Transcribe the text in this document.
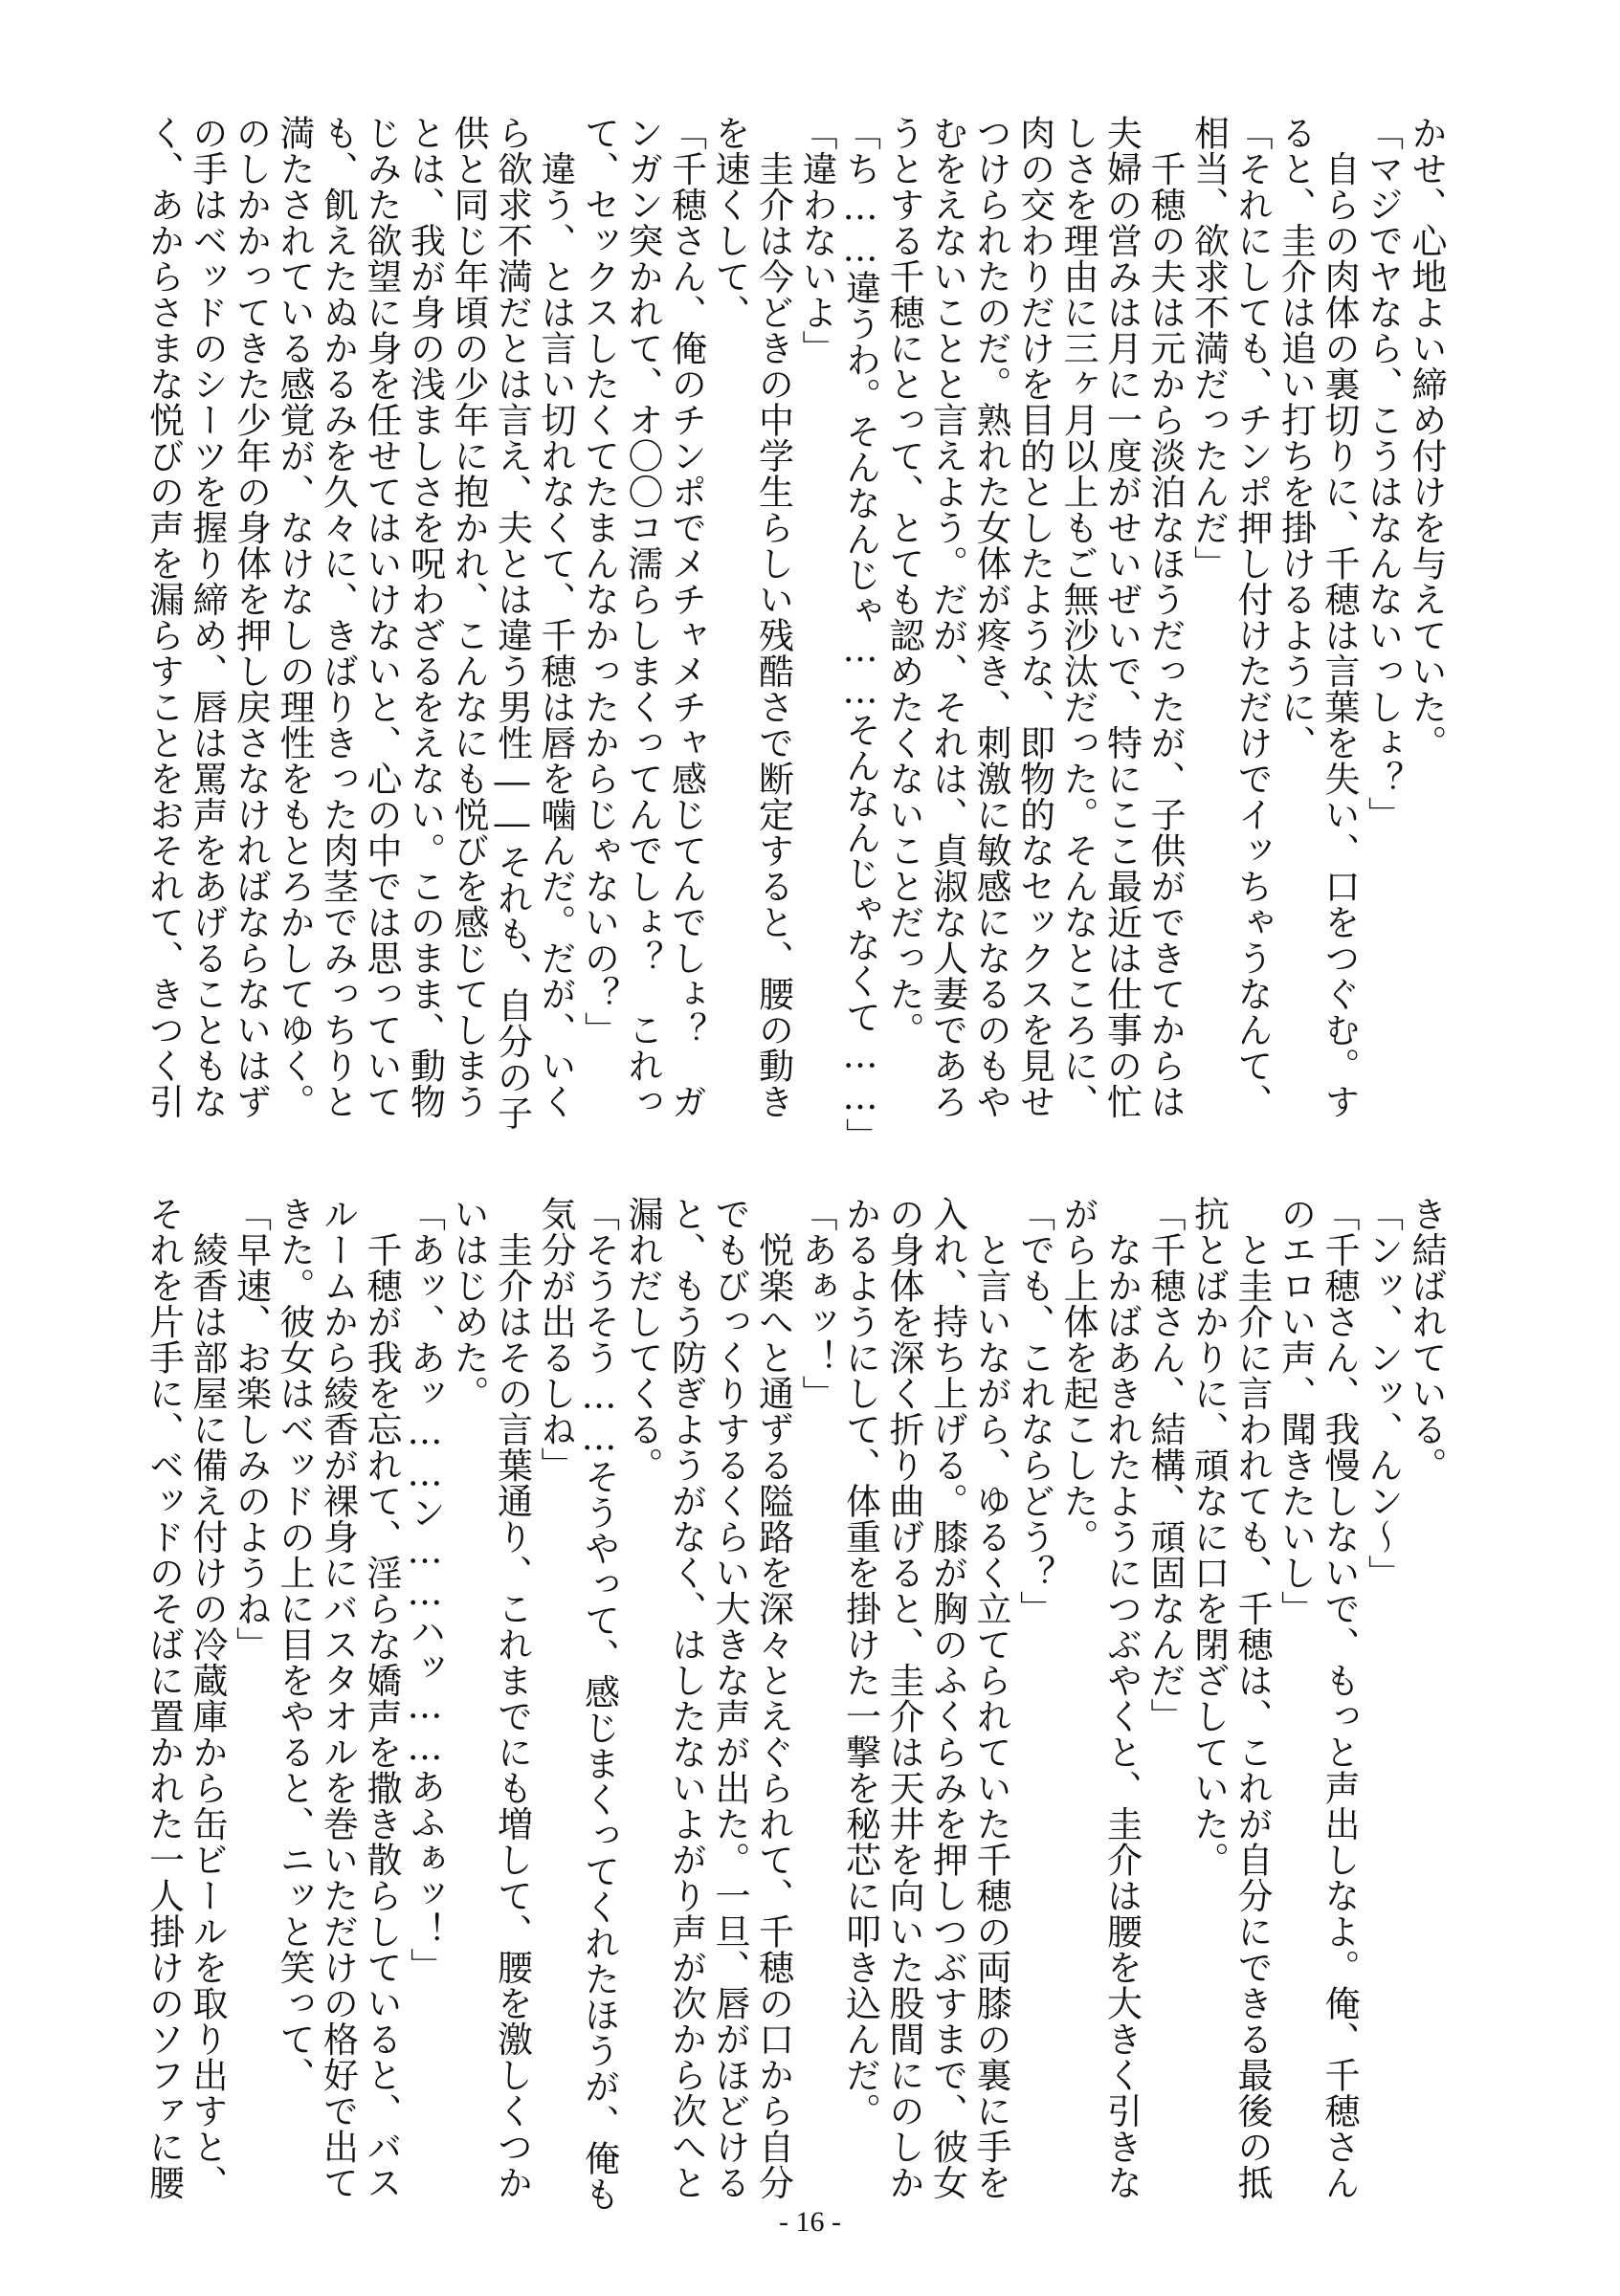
かせ、心地よい締め付けを与えていた。

「マジでヤなら、こうはなんないっしょ？」

　自らの肉体の裏切りに、千穂は言葉を失い、口をつぐむ。す

ると、圭介は追い打ちを掛けるように、

「それにしても、チンポ押し付けただけでイッちゃうなんて、

相当、欲求不満だったんだ」

　千穂の夫は元から淡泊なほうだったが、子供ができてからは

夫婦の営みは月に一度がせいぜいで、特にここ最近は仕事の忙

しさを理由に三ヶ月以上もご無沙汰だった。そんなところに、

肉の交わりだけを目的としたような、即物的なセックスを見せ

つけられたのだ。熟れた女体が疼き、刺激に敏感になるのもや

むをえないことと言えよう。だが、それは、貞淑な人妻であろ

うとする千穂にとって、とても認めたくないことだった。

「ち……違うわ。そんなんじゃ……そんなんじゃなくて……」

「違わないよ」

　圭介は今どきの中学生らしい残酷さで断定すると、腰の動き

を速くして、

「千穂さん、俺のチンポでメチャメチャ感じてんでしょ？　ガ

ンガン突かれて、オ〇〇コ濡らしまくってんでしょ？　これっ

て、セックスしたくてたまんなかったからじゃないの？」

　違う、とは言い切れなくて、千穂は唇を噛んだ。だが、いく

ら欲求不満だとは言え、夫とは違う男性――それも、自分の子

供と同じ年頃の少年に抱かれ、こんなにも悦びを感じてしまう

とは、我が身の浅ましさを呪わざるをえない。このまま、動物

じみた欲望に身を任せてはいけないと、心の中では思っていて

も、飢えたぬかるみを久々に、きばりきった肉茎でみっちりと

満たされている感覚が、なけなしの理性をもとろかしてゆく。

のしかかってきた少年の身体を押し戻さなければならないはず

の手はベッドのシーツを握り締め、唇は罵声をあげることもな

く、あからさまな悦びの声を漏らすことをおそれて、きつく引

き結ばれている。

「ンッ、ンッ、んン～」

「千穂さん、我慢しないで、もっと声出しなよ。俺、千穂さん

のエロい声、聞きたいし」

　と圭介に言われても、千穂は、これが自分にできる最後の抵

抗とばかりに、頑なに口を閉ざしていた。

「千穂さん、結構、頑固なんだ」

　なかばあきれたようにつぶやくと、圭介は腰を大きく引きな

がら上体を起こした。

「でも、これならどう？」

　と言いながら、ゆるく立てられていた千穂の両膝の裏に手を

入れ、持ち上げる。膝が胸のふくらみを押しつぶすまで、彼女

の身体を深く折り曲げると、圭介は天井を向いた股間にのしか

かるようにして、体重を掛けた一撃を秘芯に叩き込んだ。

「あぁッ！」

　悦楽へと通ずる隘路を深々とえぐられて、千穂の口から自分

でもびっくりするくらい大きな声が出た。一旦、唇がほどける

と、もう防ぎようがなく、はしたないよがり声が次から次へと

漏れだしてくる。

「そうそう……そうやって、感じまくってくれたほうが、俺も

気分が出るしね」

　圭介はその言葉通り、これまでにも増して、腰を激しくつか

いはじめた。

「あッ、あッ……ン……ハッ……あふぁッ！」

　千穂が我を忘れて、淫らな嬌声を撒き散らしていると、バス

ルームから綾香が裸身にバスタオルを巻いただけの格好で出て

きた。彼女はベッドの上に目をやると、ニッと笑って、

「早速、お楽しみのようね」

　綾香は部屋に備え付けの冷蔵庫から缶ビールを取り出すと、

それを片手に、ベッドのそばに置かれた一人掛けのソファに腰

- 16 -
